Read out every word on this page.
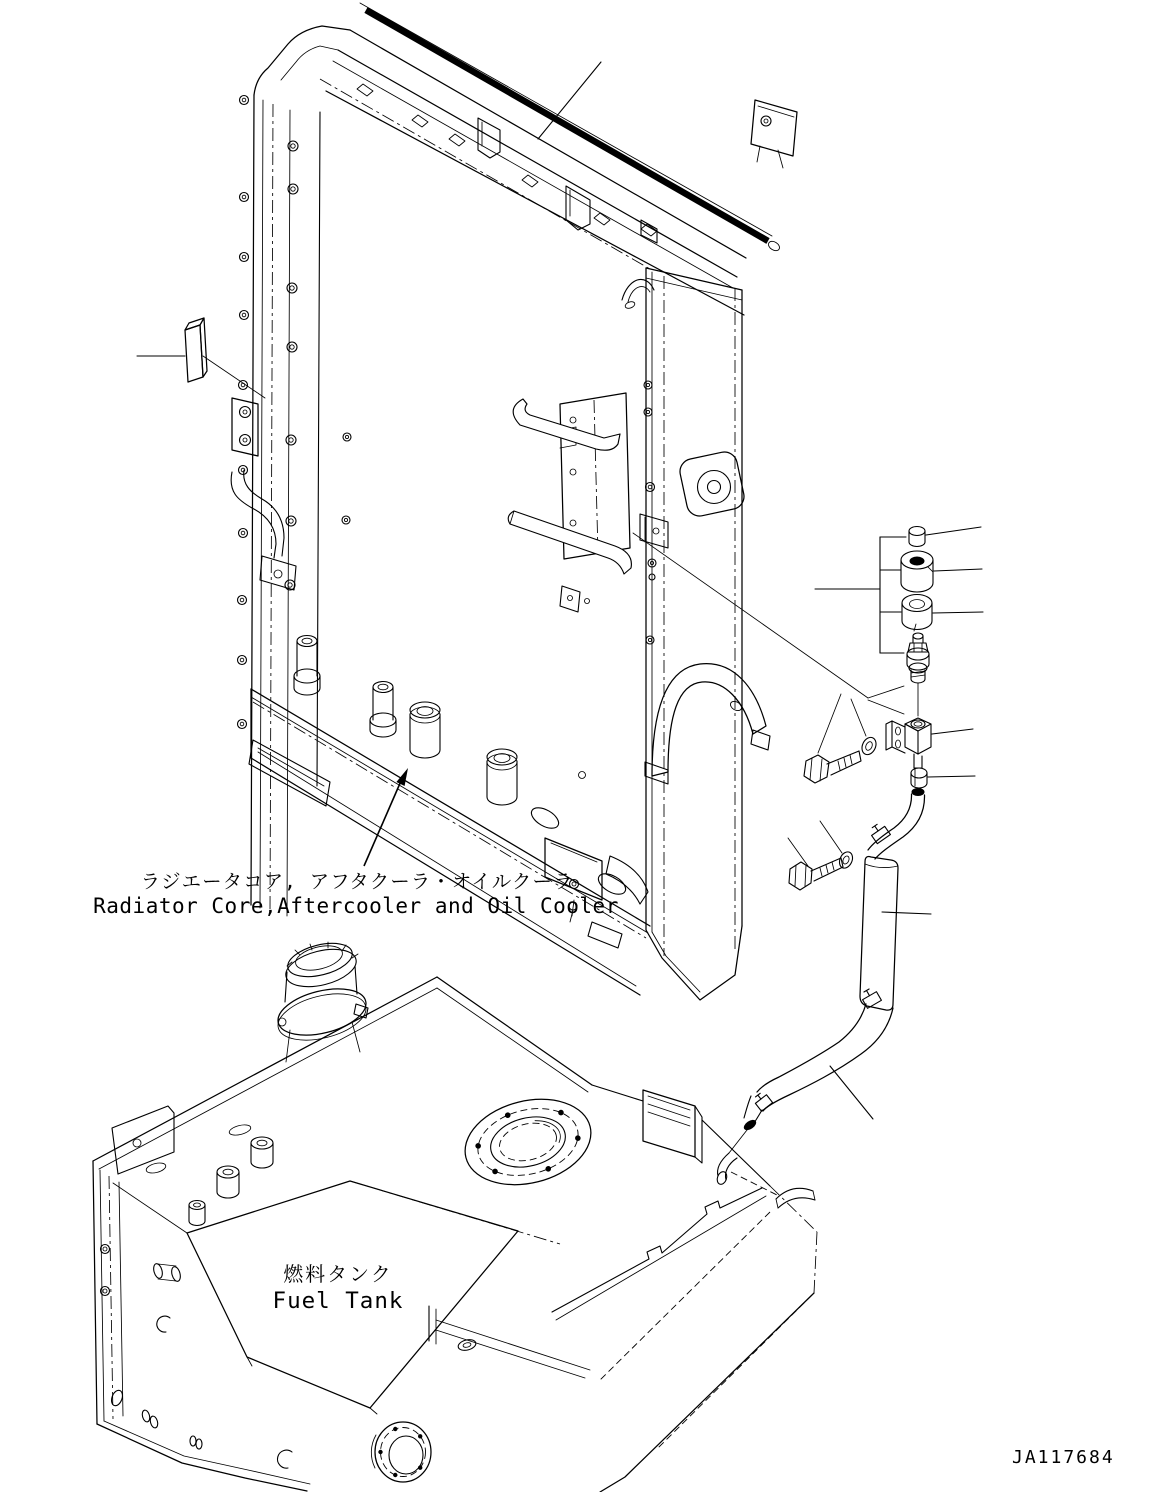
ラジエータコア, アフタクーラ・オイルクーラ
Radiator Core,Aftercooler and Oil Cooler
燃料タンク
Fuel Tank
JA117684
